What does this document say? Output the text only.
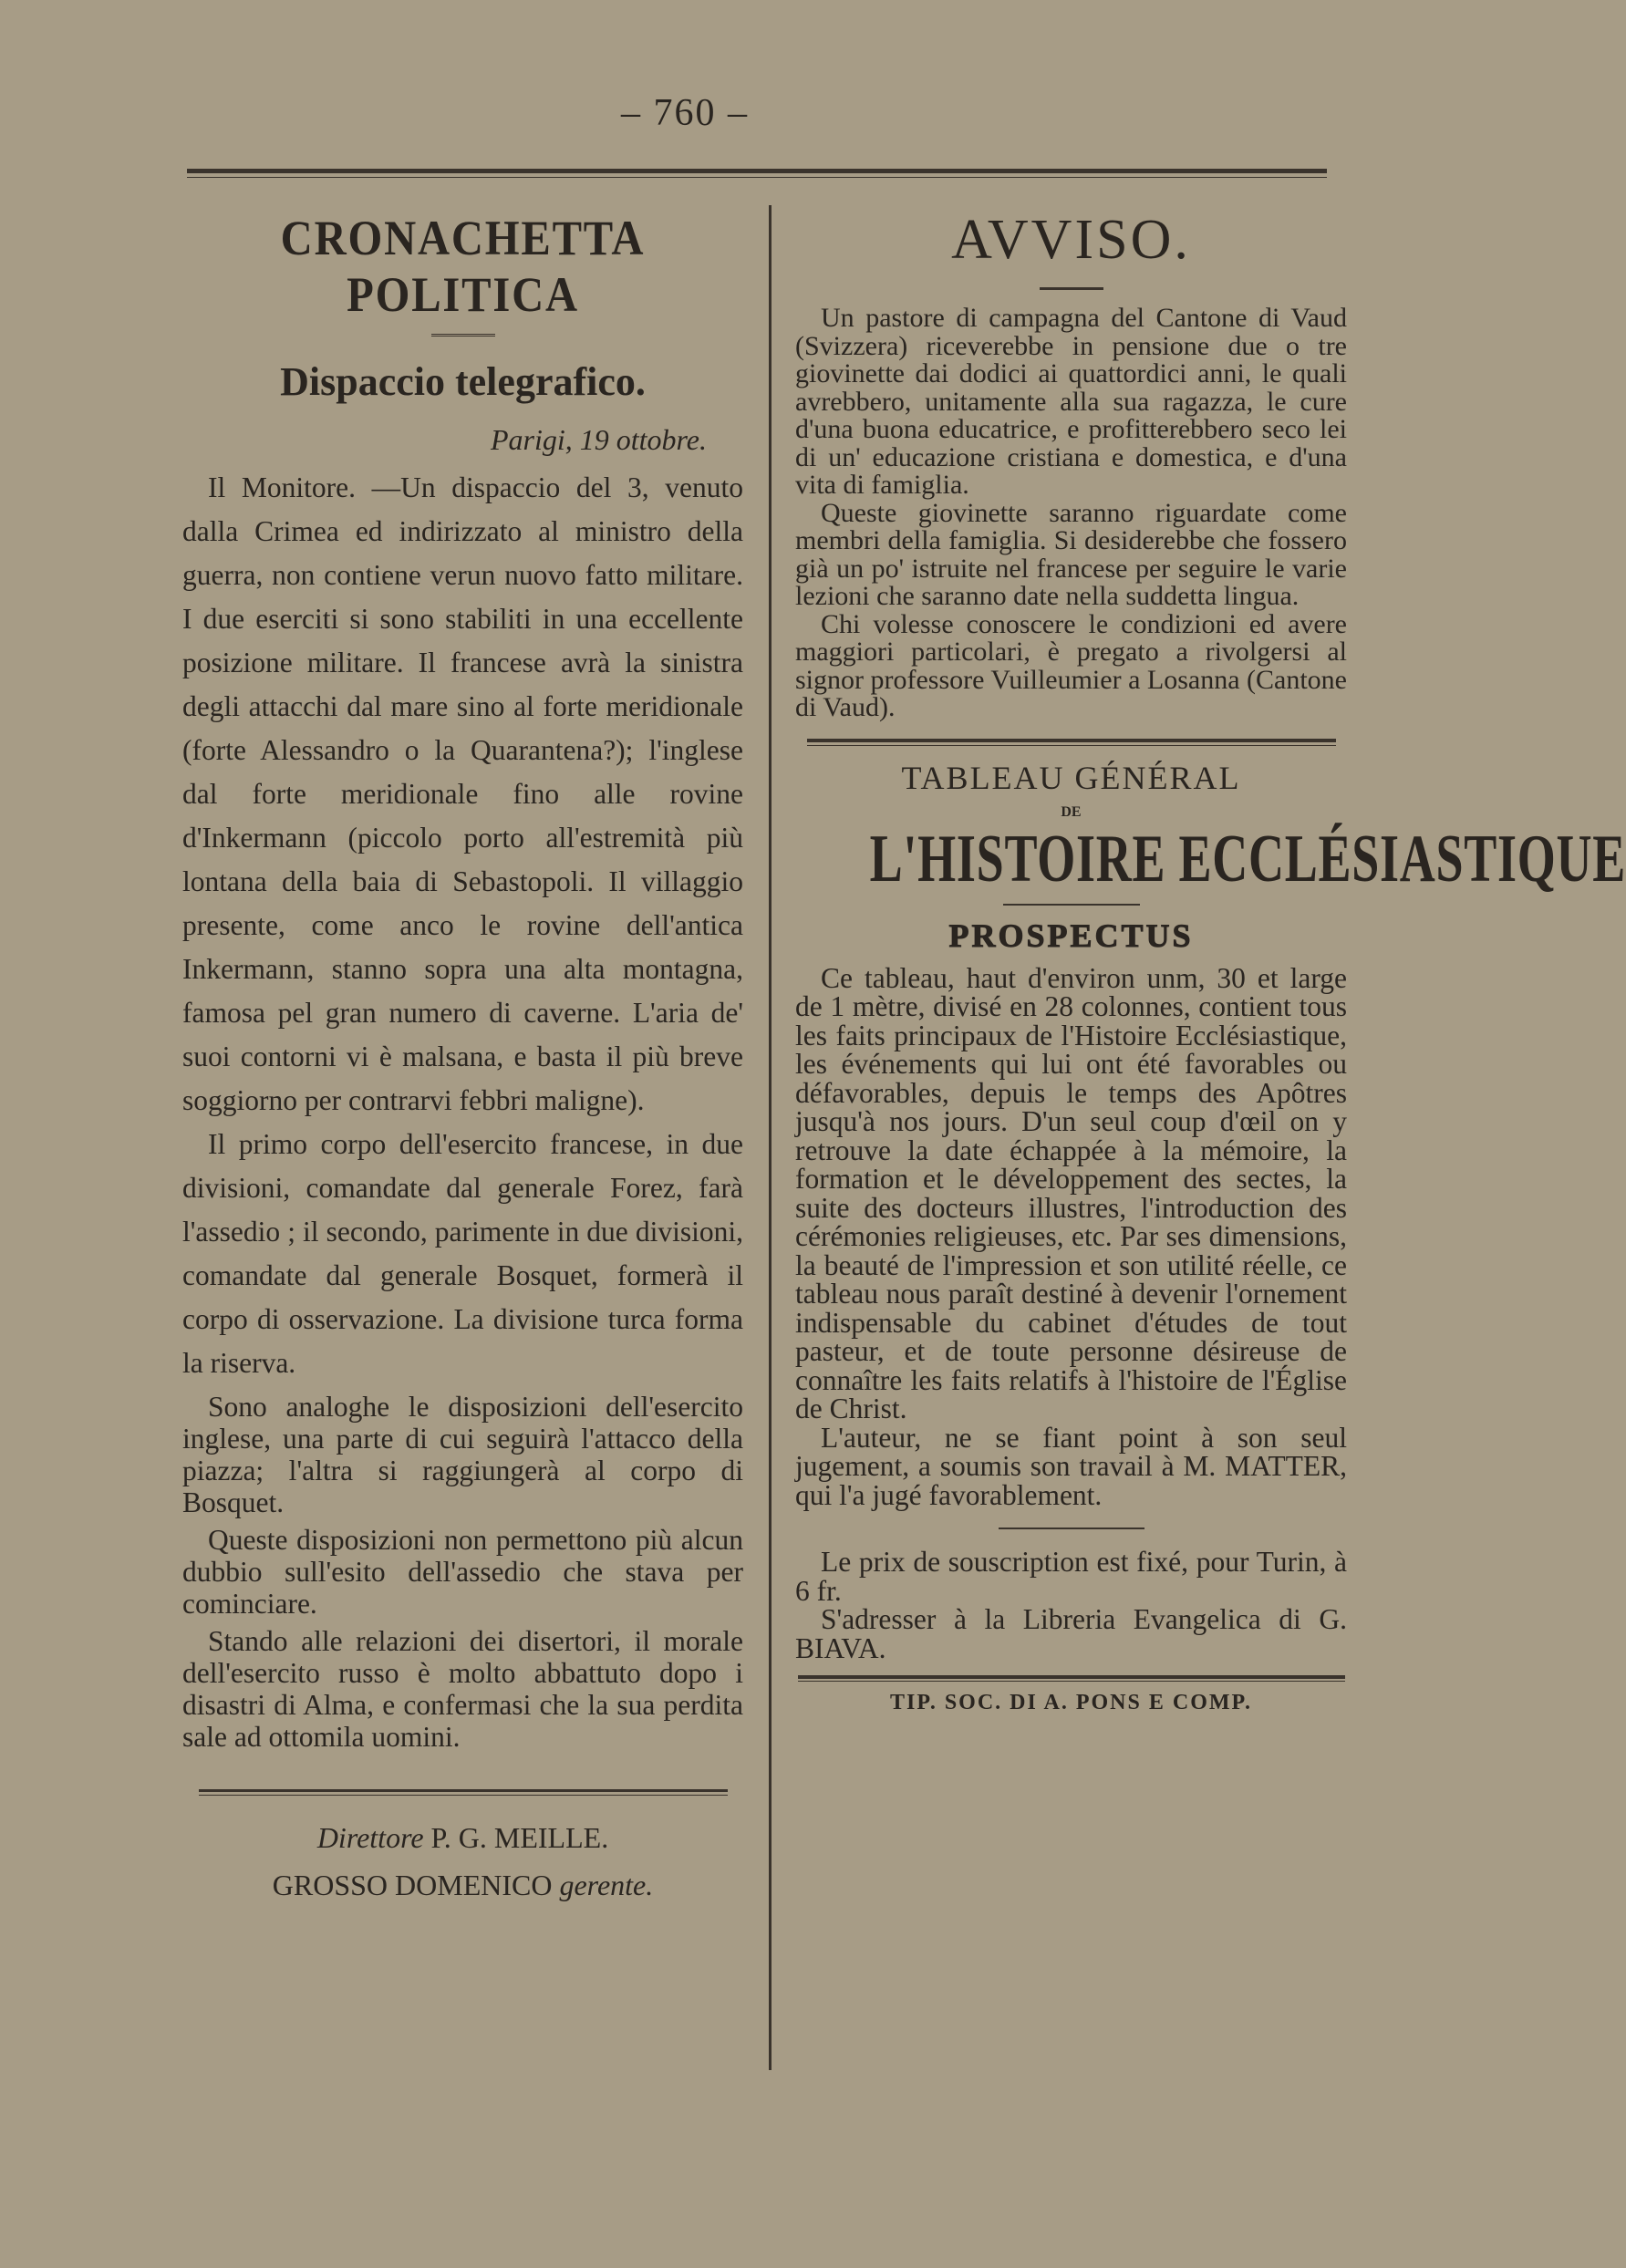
– 760 –
CRONACHETTA POLITICA
Dispaccio telegrafico.
Parigi, 19 ottobre.

Il Monitore. —Un dispaccio del 3, venuto dalla Crimea ed indirizzato al ministro della guerra, non contiene verun nuovo fatto militare. I due eserciti si sono stabiliti in una eccellente posizione militare. Il francese avrà la sinistra degli attacchi dal mare sino al forte meridionale (forte Alessandro o la Quarantena?); l'inglese dal forte meridionale fino alle rovine d'Inkermann (piccolo porto all'estremità più lontana della baia di Sebastopoli. Il villaggio presente, come anco le rovine dell'antica Inkermann, stanno sopra una alta montagna, famosa pel gran numero di caverne. L'aria de' suoi contorni vi è malsana, e basta il più breve soggiorno per contrarvi febbri maligne).

Il primo corpo dell'esercito francese, in due divisioni, comandate dal generale Forez, farà l'assedio ; il secondo, parimente in due divisioni, comandate dal generale Bosquet, formerà il corpo di osservazione. La divisione turca forma la riserva.

Sono analoghe le disposizioni dell'esercito inglese, una parte di cui seguirà l'attacco della piazza; l'altra si raggiungerà al corpo di Bosquet.

Queste disposizioni non permettono più alcun dubbio sull'esito dell'assedio che stava per cominciare.

Stando alle relazioni dei disertori, il morale dell'esercito russo è molto abbattuto dopo i disastri di Alma, e confermasi che la sua perdita sale ad ottomila uomini.

Direttore P. G. MEILLE.
GROSSO DOMENICO gerente.
AVVISO.

Un pastore di campagna del Cantone di Vaud (Svizzera) riceverebbe in pensione due o tre giovinette dai dodici ai quattordici anni, le quali avrebbero, unitamente alla sua ragazza, le cure d'una buona educatrice, e profitterebbero seco lei di un' educazione cristiana e domestica, e d'una vita di famiglia.

Queste giovinette saranno riguardate come membri della famiglia. Si desiderebbe che fossero già un po' istruite nel francese per seguire le varie lezioni che saranno date nella suddetta lingua.

Chi volesse conoscere le condizioni ed avere maggiori particolari, è pregato a rivolgersi al signor professore Vuilleumier a Losanna (Cantone di Vaud).

TABLEAU GÉNÉRAL
DE
L'HISTOIRE ECCLÉSIASTIQUE
PROSPECTUS

Ce tableau, haut d'environ unm, 30 et large de 1 mètre, divisé en 28 colonnes, contient tous les faits principaux de l'Histoire Ecclésiastique, les événements qui lui ont été favorables ou défavorables, depuis le temps des Apôtres jusqu'à nos jours. D'un seul coup d'œil on y retrouve la date échappée à la mémoire, la formation et le développement des sectes, la suite des docteurs illustres, l'introduction des cérémonies religieuses, etc. Par ses dimensions, la beauté de l'impression et son utilité réelle, ce tableau nous paraît destiné à devenir l'ornement indispensable du cabinet d'études de tout pasteur, et de toute personne désireuse de connaître les faits relatifs à l'histoire de l'Église de Christ.

L'auteur, ne se fiant point à son seul jugement, a soumis son travail à M. MATTER, qui l'a jugé favorablement.

Le prix de souscription est fixé, pour Turin, à 6 fr.

S'adresser à la Libreria Evangelica di G. BIAVA.

TIP. SOC. DI A. PONS E COMP.
